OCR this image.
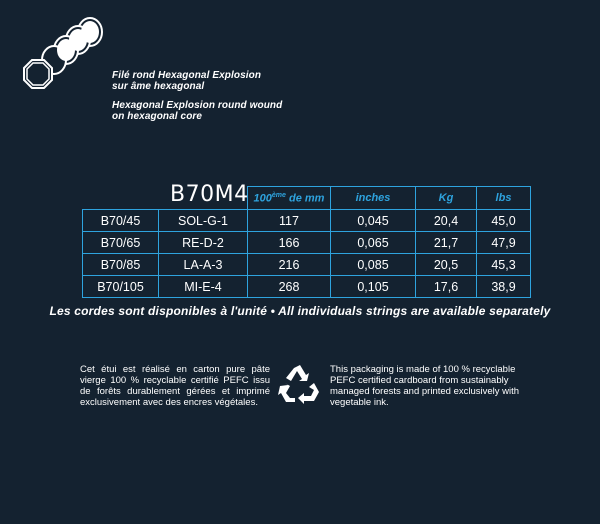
Filé rond Hexagonal Explosion
sur âme hexagonal
Hexagonal Explosion round wound
on hexagonal core
B70M4
		100ème de mm	inches	Kg	lbs
B70/45	SOL-G-1	117	0,045	20,4	45,0
B70/65	RE-D-2	166	0,065	21,7	47,9
B70/85	LA-A-3	216	0,085	20,5	45,3
B70/105	MI-E-4	268	0,105	17,6	38,9
Les cordes sont disponibles à l'unité • All individuals strings are available separately
Cet étui est réalisé en carton pure pâte vierge 100 % recyclable certifié PEFC issu de forêts durablement gérées et imprimé exclusivement avec des encres végétales.
This packaging is made of 100 % recyclable PEFC certified cardboard from sustainably managed forests and printed exclusively with vegetable ink.
